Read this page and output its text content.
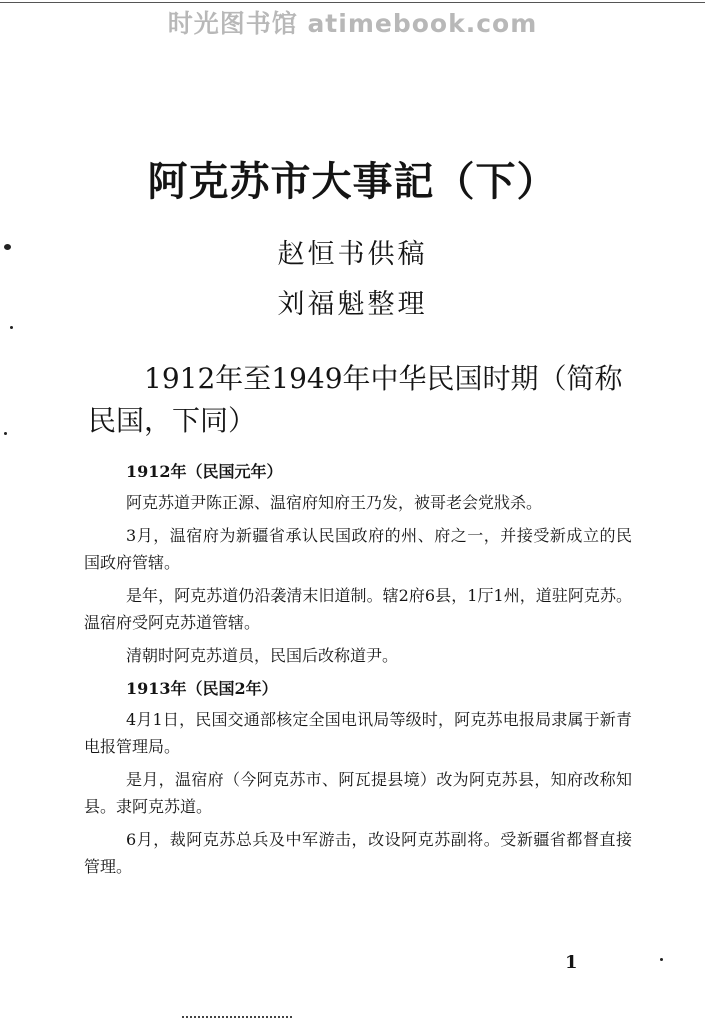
时光图书馆 atimebook.com
阿克苏市大事記（下）
赵恒书供稿
刘福魁整理
1912年至1949年中华民国时期（简称民国，下同）
1912年（民国元年）

阿克苏道尹陈正源、温宿府知府王乃发，被哥老会党戕杀。

3月，温宿府为新疆省承认民国政府的州、府之一，并接受新成立的民国政府管辖。

是年，阿克苏道仍沿袭清末旧道制。辖2府6县，1厅1州，道驻阿克苏。温宿府受阿克苏道管辖。

清朝时阿克苏道员，民国后改称道尹。

1913年（民国2年）

4月1日，民国交通部核定全国电讯局等级时，阿克苏电报局隶属于新青电报管理局。

是月，温宿府（今阿克苏市、阿瓦提县境）改为阿克苏县，知府改称知县。隶阿克苏道。

6月，裁阿克苏总兵及中军游击，改设阿克苏副将。受新疆省都督直接管理。

1
